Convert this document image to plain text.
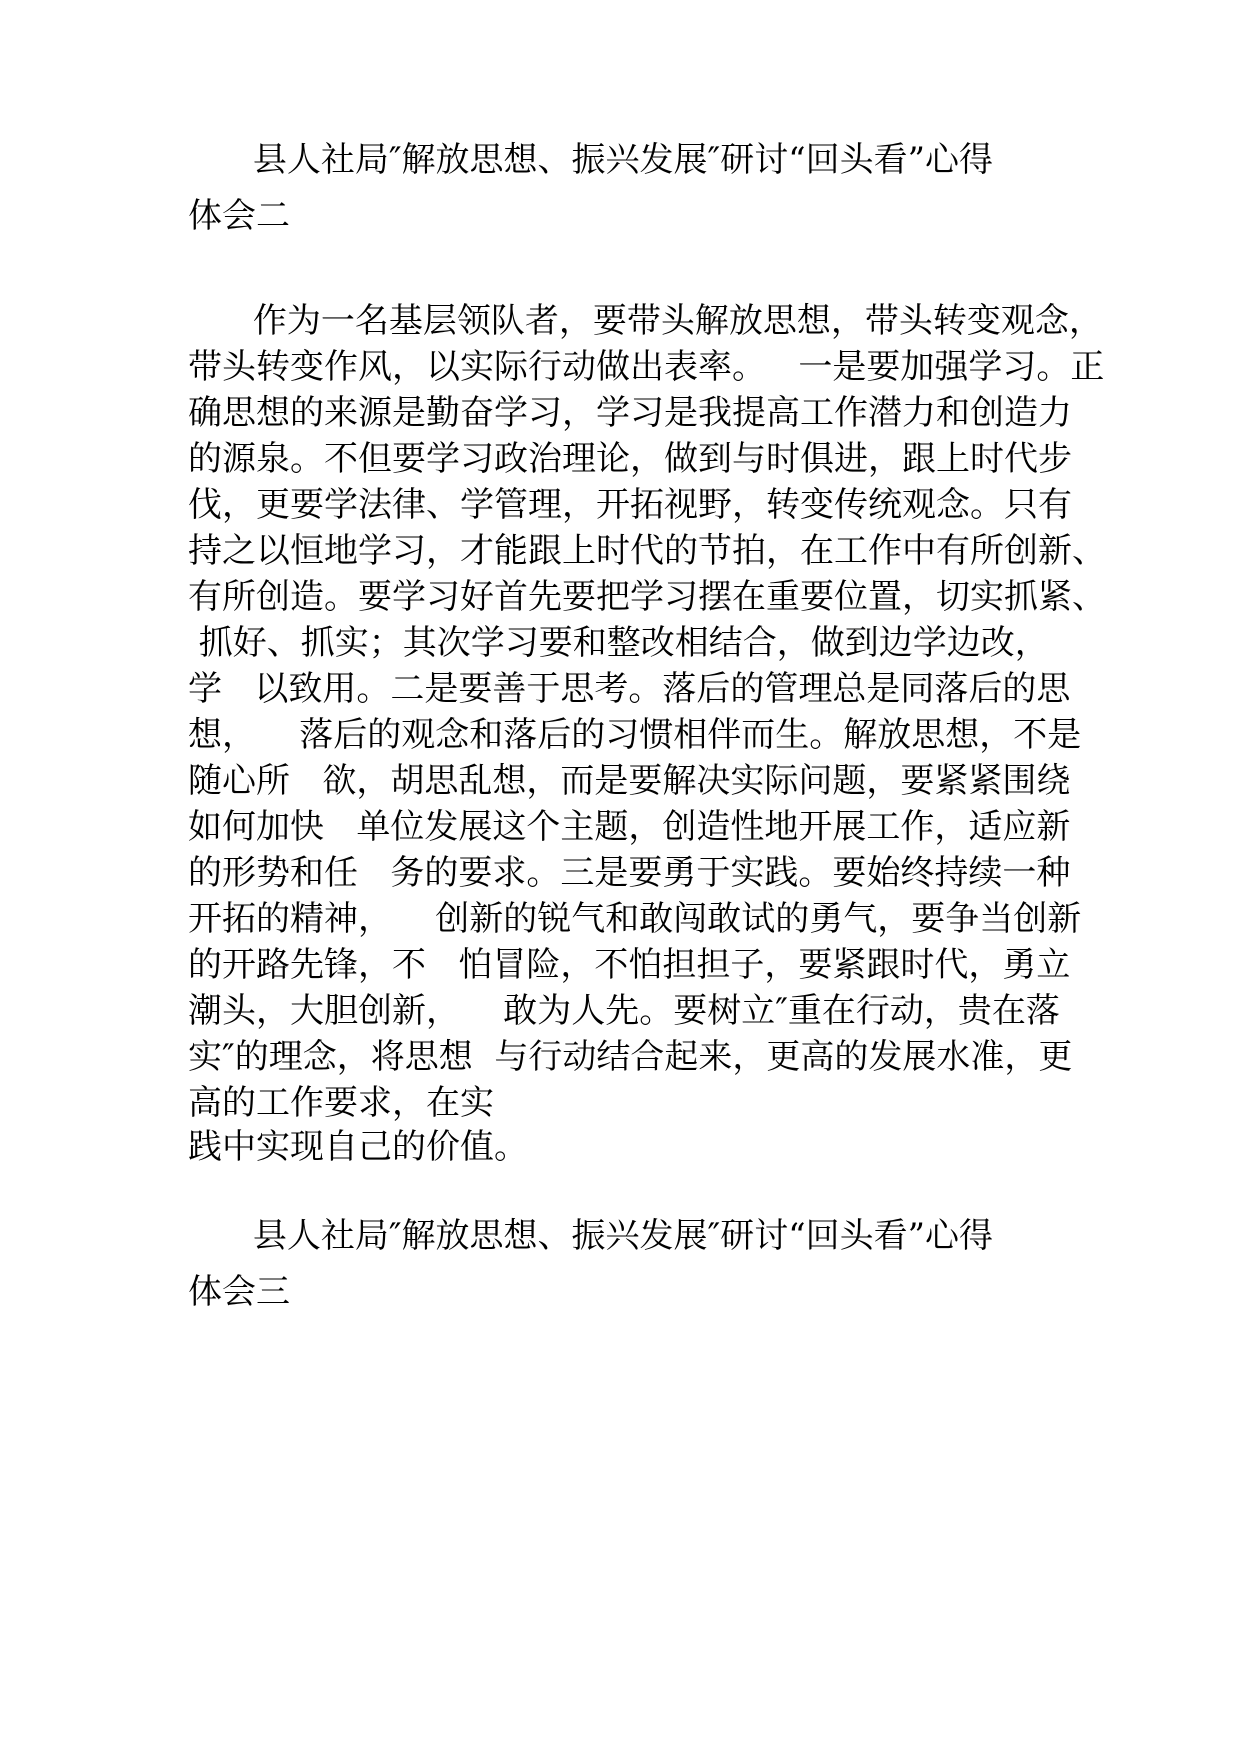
县人社局″解放思想、振兴发展″研讨“回头看”心得
体会二
作为一名基层领队者，要带头解放思想，带头转变观念，
带头转变作风，以实际行动做出表率。   一是要加强学习。正
确思想的来源是勤奋学习，学习是我提高工作潜力和创造力
的源泉。不但要学习政治理论，做到与时俱进，跟上时代步
伐，更要学法律、学管理，开拓视野，转变传统观念。只有
持之以恒地学习，才能跟上时代的节拍，在工作中有所创新、
有所创造。要学习好首先要把学习摆在重要位置，切实抓紧、
抓好、抓实；其次学习要和整改相结合，做到边学边改，
学   以致用。二是要善于思考。落后的管理总是同落后的思
想，    落后的观念和落后的习惯相伴而生。解放思想，不是
随心所   欲，胡思乱想，而是要解决实际问题，要紧紧围绕
如何加快   单位发展这个主题，创造性地开展工作，适应新
的形势和任   务的要求。三是要勇于实践。要始终持续一种
开拓的精神，    创新的锐气和敢闯敢试的勇气，要争当创新
的开路先锋，不   怕冒险，不怕担担子，要紧跟时代，勇立
潮头，大胆创新，    敢为人先。要树立″重在行动，贵在落
实″的理念，将思想  与行动结合起来，更高的发展水准，更
高的工作要求，在实
践中实现自己的价值。
县人社局″解放思想、振兴发展″研讨“回头看”心得
体会三
